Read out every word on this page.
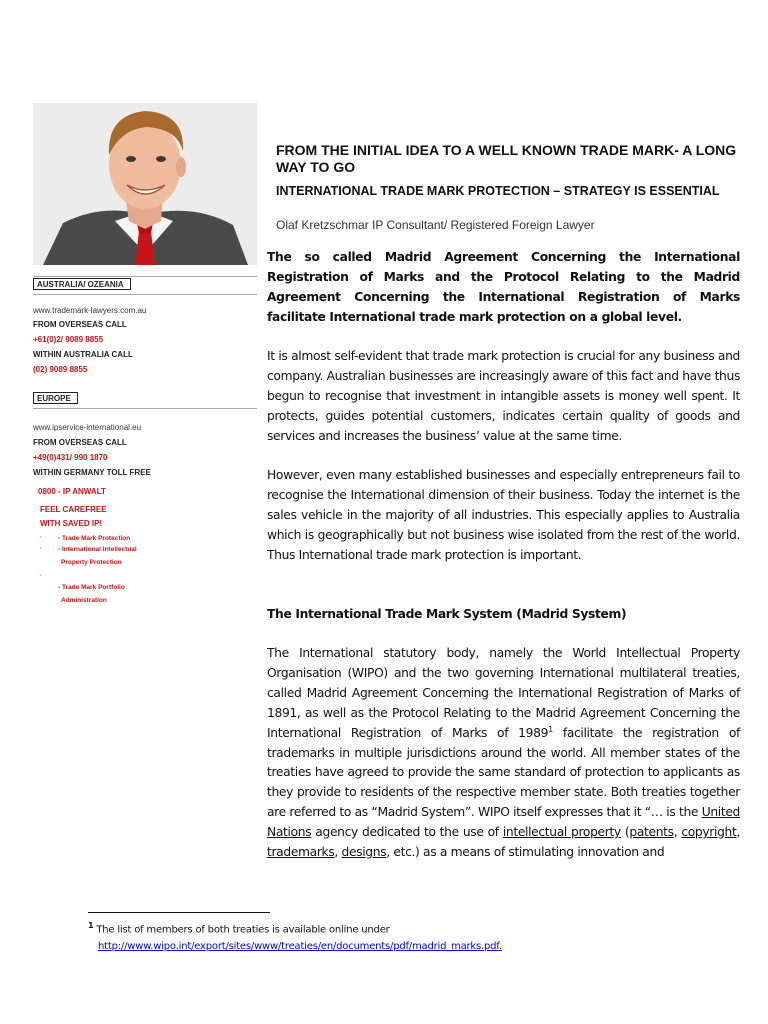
AUSTRALIA/ OZEANIA
www.trademark-lawyers.com.au
FROM OVERSEAS CALL
+61(0)2/ 9089 8855
WITHIN AUSTRALIA CALL
(02) 9089 8855
EUROPE
www.ipservice-international.eu
FROM OVERSEAS CALL
+49(0)431/ 990 1870
WITHIN GERMANY TOLL FREE
0800 - IP ANWALT
FEEL CAREFREE
WITH SAVED IP!
· - Trade Mark Protection
· - International Intellectual
Property Protection
·
- Trade Mark Portfolio
Administration
FROM THE INITIAL IDEA TO A WELL KNOWN TRADE MARK- A LONG WAY TO GO
INTERNATIONAL TRADE MARK PROTECTION – STRATEGY IS ESSENTIAL
Olaf Kretzschmar IP Consultant/ Registered Foreign Lawyer
The so called Madrid Agreement Concerning the International Registration of Marks and the Protocol Relating to the Madrid Agreement Concerning the International Registration of Marks facilitate International trade mark protection on a global level.
It is almost self-evident that trade mark protection is crucial for any business and company. Australian businesses are increasingly aware of this fact and have thus begun to recognise that investment in intangible assets is money well spent. It protects, guides potential customers, indicates certain quality of goods and services and increases the business’ value at the same time.
However, even many established businesses and especially entrepreneurs fail to recognise the International dimension of their business. Today the internet is the sales vehicle in the majority of all industries. This especially applies to Australia which is geographically but not business wise isolated from the rest of the world. Thus International trade mark protection is important.
The International Trade Mark System (Madrid System)
The International statutory body, namely the World Intellectual Property Organisation (WIPO) and the two governing International multilateral treaties, called Madrid Agreement Concerning the International Registration of Marks of 1891, as well as the Protocol Relating to the Madrid Agreement Concerning the International Registration of Marks of 1989$^1$ facilitate the registration of trademarks in multiple jurisdictions around the world. All member states of the treaties have agreed to provide the same standard of protection to applicants as they provide to residents of the respective member state. Both treaties together are referred to as “Madrid System”. WIPO itself expresses that it “… is the United Nations agency dedicated to the use of intellectual property (patents, copyright, trademarks, designs, etc.) as a means of stimulating innovation and
$^1$ The list of members of both treaties is available online under
http://www.wipo.int/export/sites/www/treaties/en/documents/pdf/madrid_marks.pdf.
